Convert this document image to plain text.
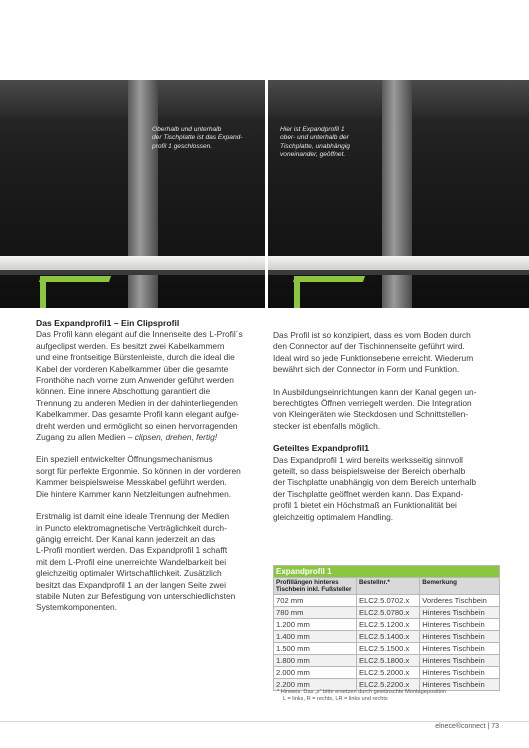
Oberhalb und unterhalb
der Tischplatte ist das Expand-
profil 1 geschlossen.
Hier ist Expandprofil 1
ober- und unterhalb der
Tischplatte, unabhängig
voneinander, geöffnet.
Das Expandprofil1 – Ein Clipsprofil

Das Profil kann elegant auf die Innenseite des L-Profil´s
aufgeclipst werden. Es besitzt zwei Kabelkammern
und eine frontseitige Bürstenleiste, durch die ideal die
Kabel der vorderen Kabelkammer über die gesamte
Fronthöhe nach vorne zum Anwender geführt werden
können. Eine innere Abschottung garantiert die
Trennung zu anderen Medien in der dahinterliegenden
Kabelkammer. Das gesamte Profil kann elegant aufge-
dreht werden und ermöglicht so einen hervorragenden
Zugang zu allen Medien – clipsen, drehen, fertig!

Ein speziell entwickelter Öffnungsmechanismus
sorgt für perfekte Ergonmie. So können in der vorderen
Kammer beispielsweise Messkabel geführt werden.
Die hintere Kammer kann Netzleitungen aufnehmen.

Erstmalig ist damit eine ideale Trennung der Medien
in Puncto elektromagnetische Verträglichkeit durch-
gängig erreicht. Der Kanal kann jederzeit an das
L-Profil montiert werden. Das Expandprofil 1 schafft
mit dem L-Profil eine unerreichte Wandelbarkeit bei
gleichzeitig optimaler Wirtschaftlichkeit. Zusätzlich
besitzt das Expandprofil 1 an der langen Seite zwei
stabile Nuten zur Befestigung von unterschiedlichsten
Systemkomponenten.

Das Profil ist so konzipiert, dass es vom Boden durch
den Connector auf der Tischinnenseite geführt wird.
Ideal wird so jede Funktionsebene erreicht. Wiederum
bewährt sich der Connector in Form und Funktion.

In Ausbildungseinrichtungen kann der Kanal gegen un-
berechtigtes Öffnen verriegelt werden. Die Integration
von Kleingeräten wie Steckdosen und Schnittstellen-
stecker ist ebenfalls möglich.

Geteiltes Expandprofil1

Das Expandprofil 1 wird bereits werksseitig sinnvoll
geteilt, so dass beispielsweise der Bereich oberhalb
der Tischplatte unabhängig von dem Bereich unterhalb
der Tischplatte geöffnet werden kann. Das Expand-
profil 1 bietet ein Höchstmaß an Funktionalität bei
gleichzeitig optimalem Handling.

Expandprofil 1		
Profillängen hinteres Tischbein inkl. Fußsteller	Bestellnr.*	Bemerkung
702 mm	ELC2.5.0702.x	Vorderes Tischbein
780 mm	ELC2.5.0780.x	Hinteres Tischbein
1.200 mm	ELC2.5.1200.x	Hinteres Tischbein
1.400 mm	ELC2.5.1400.x	Hinteres Tischbein
1.500 mm	ELC2.5.1500.x	Hinteres Tischbein
1.800 mm	ELC2.5.1800.x	Hinteres Tischbein
2.000 mm	ELC2.5.2000.x	Hinteres Tischbein
2.200 mm	ELC2.5.2200.x	Hinteres Tischbein
* Hinweis: Das „x“ bitte ersetzen durch gewünschte Montageposition
L = links, R = rechts, LR = links und rechts
elnece®connect | 73
